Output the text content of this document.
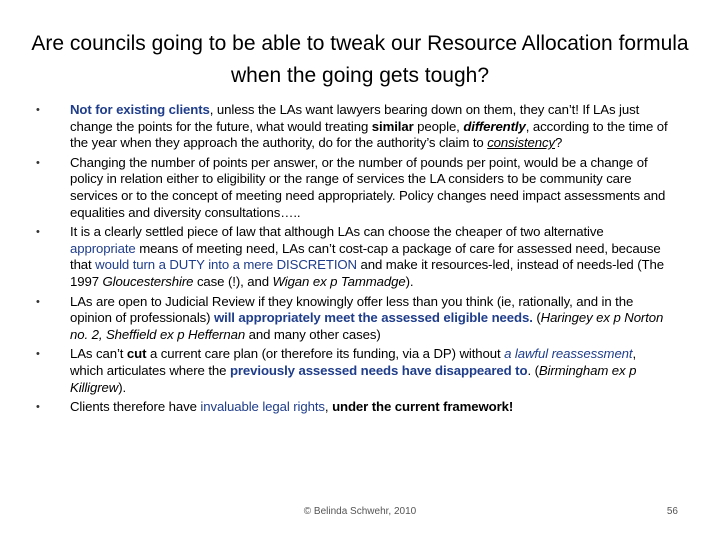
Are councils going to be able to tweak our Resource Allocation formula when the going gets tough?
• Not for existing clients, unless the LAs want lawyers bearing down on them, they can’t! If LAs just change the points for the future, what would treating similar people, differently, according to the time of the year when they approach the authority, do for the authority’s claim to consistency?
• Changing the number of points per answer, or the number of pounds per point, would be a change of policy in relation either to eligibility or the range of services the LA considers to be community care services or to the concept of meeting need appropriately. Policy changes need impact assessments and equalities and diversity consultations…..
• It is a clearly settled piece of law that although LAs can choose the cheaper of two alternative appropriate means of meeting need, LAs can’t cost-cap a package of care for assessed need, because that would turn a DUTY into a mere DISCRETION and make it resources-led, instead of needs-led (The 1997 Gloucestershire case (!), and Wigan ex p Tammadge).
• LAs are open to Judicial Review if they knowingly offer less than you think (ie, rationally, and in the opinion of professionals) will appropriately meet the assessed eligible needs. (Haringey ex p Norton no. 2, Sheffield ex p Heffernan and many other cases)
• LAs can’t cut a current care plan (or therefore its funding, via a DP) without a lawful reassessment, which articulates where the previously assessed needs have disappeared to. (Birmingham ex p Killigrew).
• Clients therefore have invaluable legal rights, under the current framework!
© Belinda Schwehr, 2010	56
